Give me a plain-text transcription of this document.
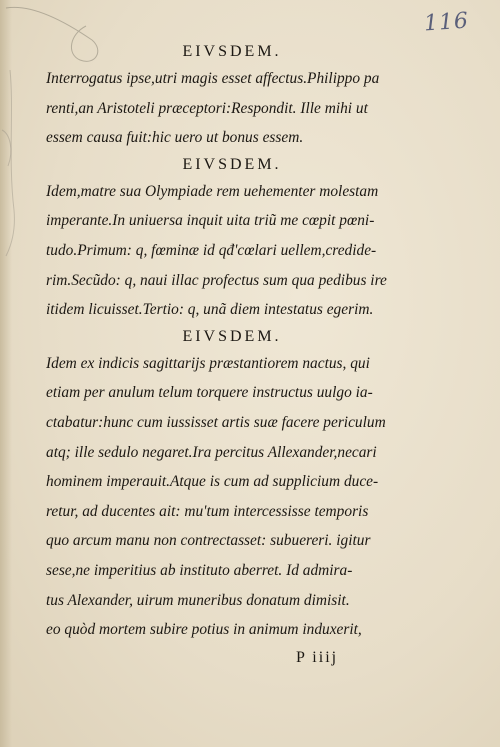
116
EIVSDEM.
Interrogatus ipse,utri magis esset affectus.Philippo pa
renti,an Aristoteli præceptori:Respondit. Ille mihi ut
essem causa fuit:hic uero ut bonus essem.
EIVSDEM.
Idem,matre sua Olympiade rem uehementer molestam
imperante.In uniuersa inquit uita triũ me cœpit pœni-
tudo.Primum: q, fœminæ id qđ'cœlari uellem,credide-
rim.Secũdo: q, naui illac profectus sum qua pedibus ire
itidem licuisset.Tertio: q, unã diem intestatus egerim.
EIVSDEM.
Idem ex indicis sagittarijs præstantiorem nactus, qui
etiam per anulum telum torquere instructus uulgo ia-
ctabatur:hunc cum iussisset artis suæ facere periculum
atq; ille sedulo negaret.Ira percitus Allexander,necari
hominem imperauit.Atque is cum ad supplicium duce-
retur, ad ducentes ait: mu'tum intercessisse temporis
quo arcum manu non contrectasset: subuereri. igitur
sese,ne imperitius ab instituto aberret. Id admira-
tus Alexander, uirum muneribus donatum dimisit.
eo quòd mortem subire potius in animum induxerit,
P iiij
